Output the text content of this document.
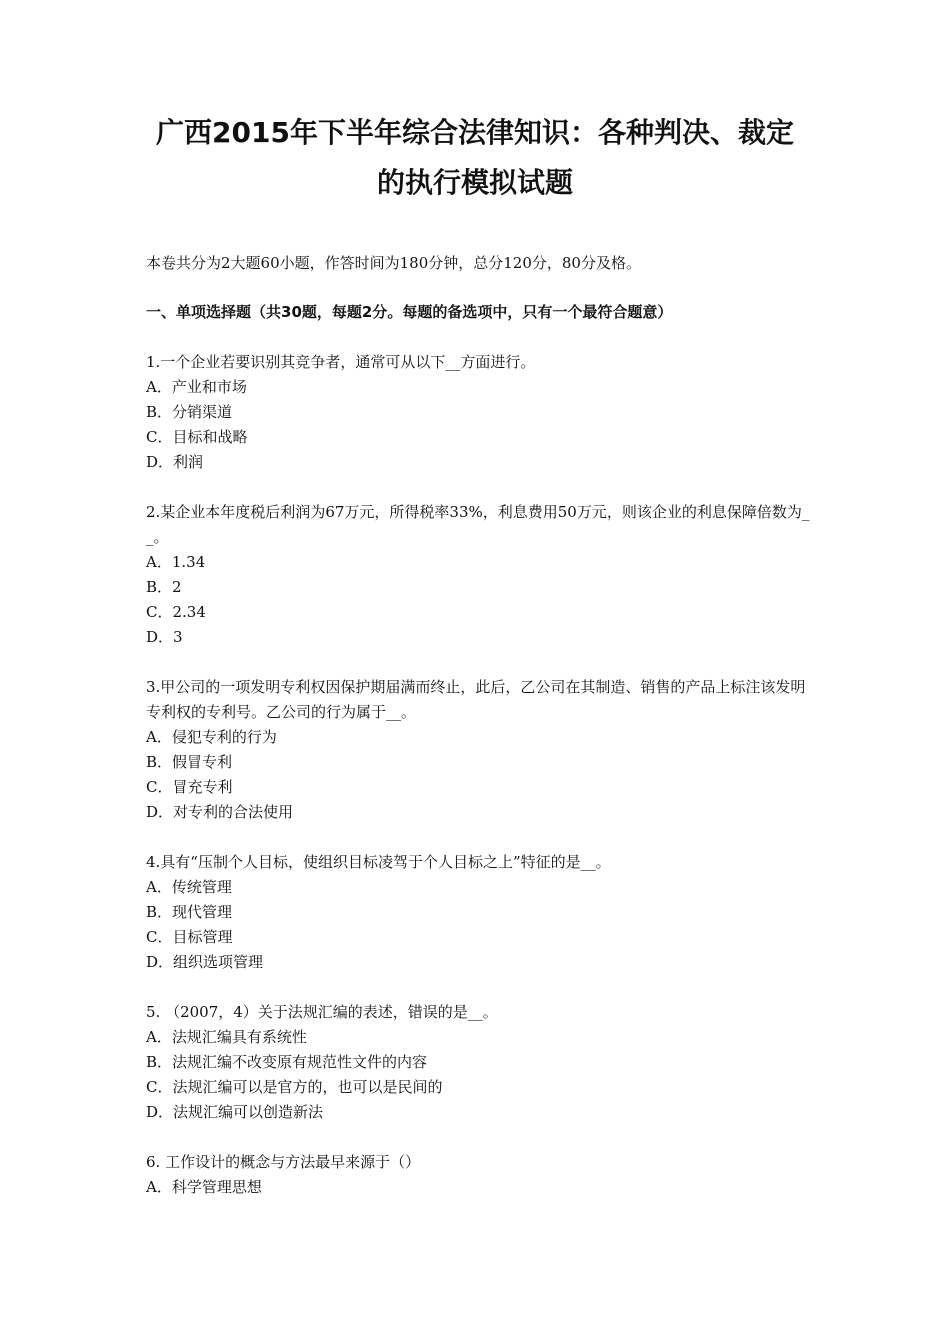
广西2015年下半年综合法律知识：各种判决、裁定
的执行模拟试题

本卷共分为2大题60小题，作答时间为180分钟，总分120分，80分及格。

一、单项选择题（共30题，每题2分。每题的备选项中，只有一个最符合题意）

1.一个企业若要识别其竞争者，通常可从以下__方面进行。

A．产业和市场

B．分销渠道

C．目标和战略

D．利润

2.某企业本年度税后利润为67万元，所得税率33%，利息费用50万元，则该企业的利息保障倍数为__。

A．1.34

B．2

C．2.34

D．3

3.甲公司的一项发明专利权因保护期届满而终止，此后，乙公司在其制造、销售的产品上标注该发明专利权的专利号。乙公司的行为属于__。

A．侵犯专利的行为

B．假冒专利

C．冒充专利

D．对专利的合法使用

4.具有“压制个人目标，使组织目标凌驾于个人目标之上”特征的是__。

A．传统管理

B．现代管理

C．目标管理

D．组织选项管理

5. （2007，4）关于法规汇编的表述，错误的是__。

A．法规汇编具有系统性

B．法规汇编不改变原有规范性文件的内容

C．法规汇编可以是官方的，也可以是民间的

D．法规汇编可以创造新法

6. 工作设计的概念与方法最早来源于（）

A．科学管理思想
